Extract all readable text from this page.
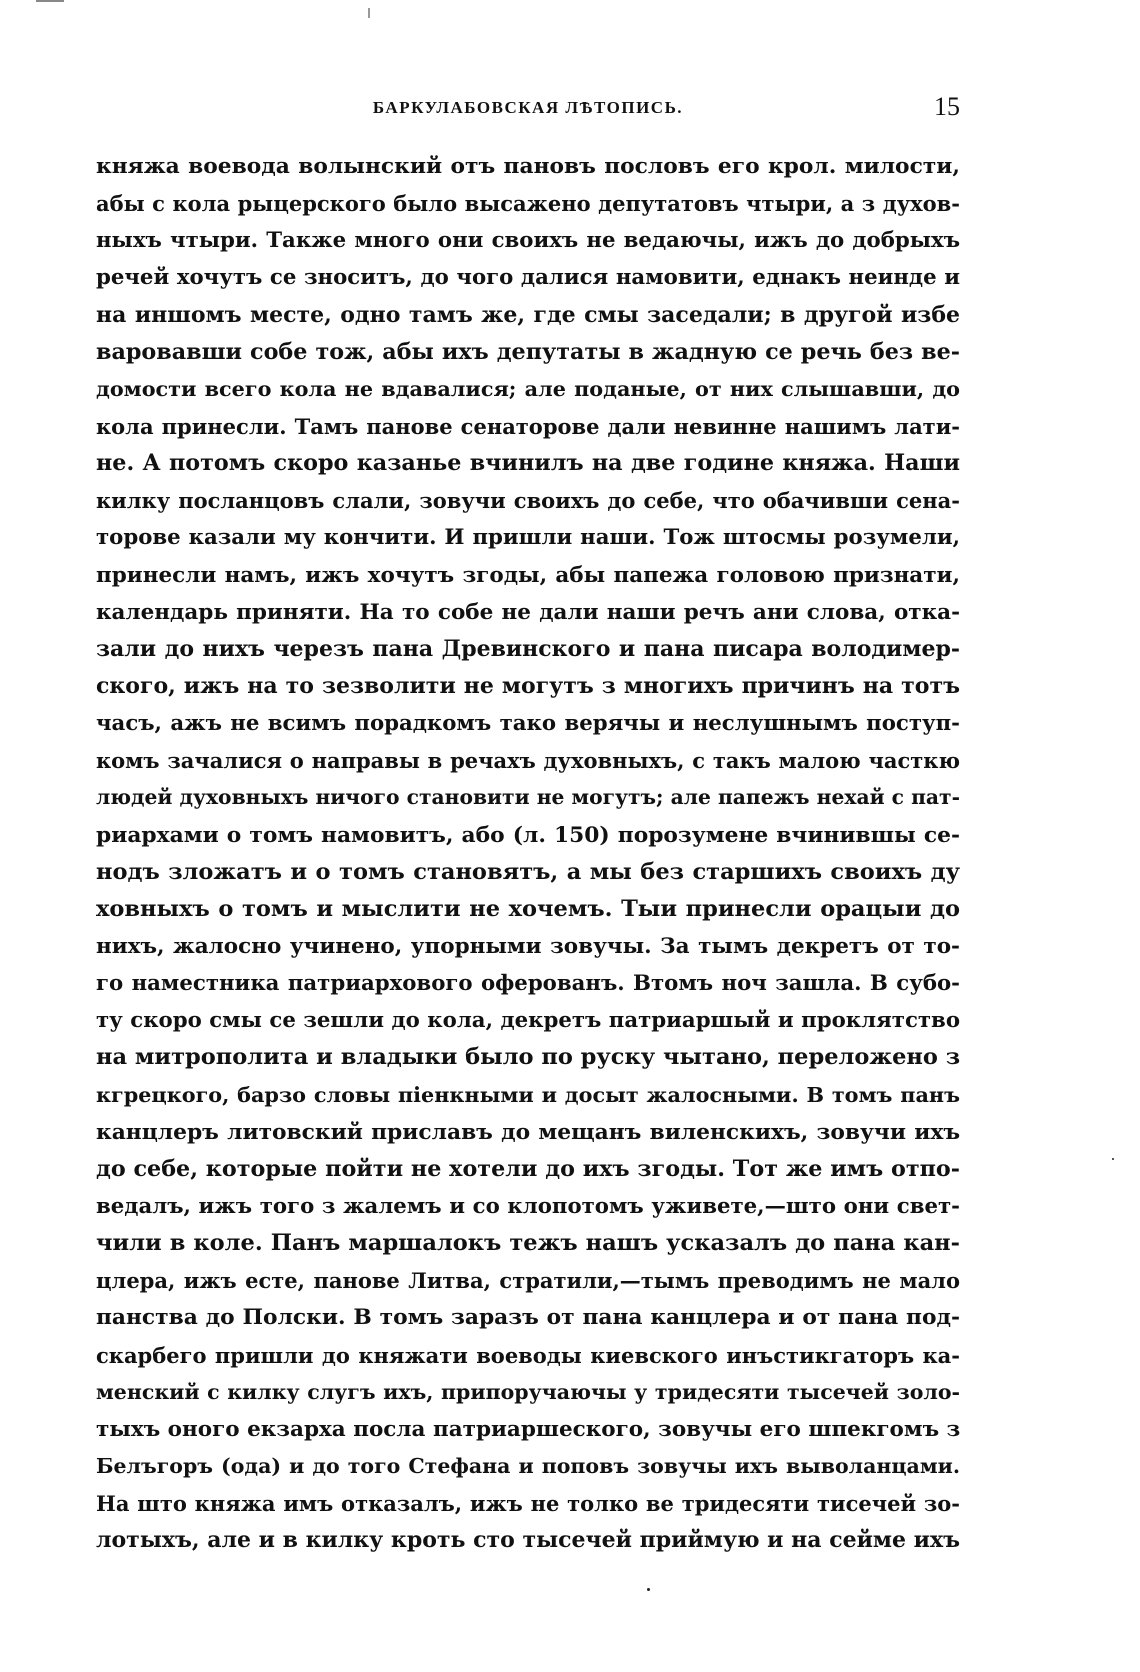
БАРКУЛАБОВСКАЯ ЛѢТОПИСЬ.	15
княжа воевода волынский отъ пановъ пословъ его крол. милости,
абы с кола рыцерского было высажено депутатовъ чтыри, а з духов-
ныхъ чтыри. Также много они своихъ не ведаючы, ижъ до добрыхъ
речей хочутъ се зноситъ, до чого далися намовити, еднакъ неинде и
на иншомъ месте, одно тамъ же, где смы заседали; в другой избе
варовавши собе тож, абы ихъ депутаты в жадную се речь без ве-
домости всего кола не вдавалися; але поданые, от них слышавши, до
кола принесли. Тамъ панове сенаторове дали невинне нашимъ лати-
не. А потомъ скоро казанье вчинилъ на две године княжа. Наши
килку посланцовъ слали, зовучи своихъ до себе, что обачивши сена-
торове казали му кончити. И пришли наши. Тож штосмы розумели,
принесли намъ, ижъ хочутъ згоды, абы папежа головою признати,
календарь приняти. На то собе не дали наши речъ ани слова, отка-
зали до нихъ черезъ пана Древинского и пана писара володимер-
ского, ижъ на то зезволити не могутъ з многихъ причинъ на тотъ
часъ, ажъ не всимъ порадкомъ тако верячы и неслушнымъ поступ-
комъ зачалися о направы в речахъ духовныхъ, с такъ малою часткю
людей духовныхъ ничого становити не могутъ; але папежъ нехай с пат-
риархами о томъ намовитъ, або (л. 150) порозумене вчинившы се-
нодъ зложатъ и о томъ становятъ, а мы без старшихъ своихъ ду
ховныхъ о томъ и мыслити не хочемъ. Тыи принесли орацыи до
нихъ, жалосно учинено, упорными зовучы. За тымъ декретъ от то-
го наместника патриархового оферованъ. Втомъ ноч зашла. В субо-
ту скоро смы се зешли до кола, декретъ патриаршый и проклятство
на митрополита и владыки было по руску чытано, переложено з
кгрецкого, барзо словы піенкными и досыт жалосными. В томъ панъ
канцлеръ литовский приславъ до мещанъ виленскихъ, зовучи ихъ
до себе, которые пойти не хотели до ихъ згоды. Тот же имъ отпо-
ведалъ, ижъ того з жалемъ и со клопотомъ уживете,—што они свет-
чили в коле. Панъ маршалокъ тежъ нашъ усказалъ до пана кан-
цлера, ижъ есте, панове Литва, стратили,—тымъ преводимъ не мало
панства до Полски. В томъ заразъ от пана канцлера и от пана под-
скарбего пришли до княжати воеводы киевского инъстикгаторъ ка-
менский с килку слугъ ихъ, припоручаючы у тридесяти тысечей золо-
тыхъ оного екзарха посла патриаршеского, зовучы его шпекгомъ з
Белъгоръ (ода) и до того Стефана и поповъ зовучы ихъ выволанцами.
На што княжа имъ отказалъ, ижъ не толко ве тридесяти тисечей зо-
лотыхъ, але и в килку кроть сто тысечей приймую и на сейме ихъ
